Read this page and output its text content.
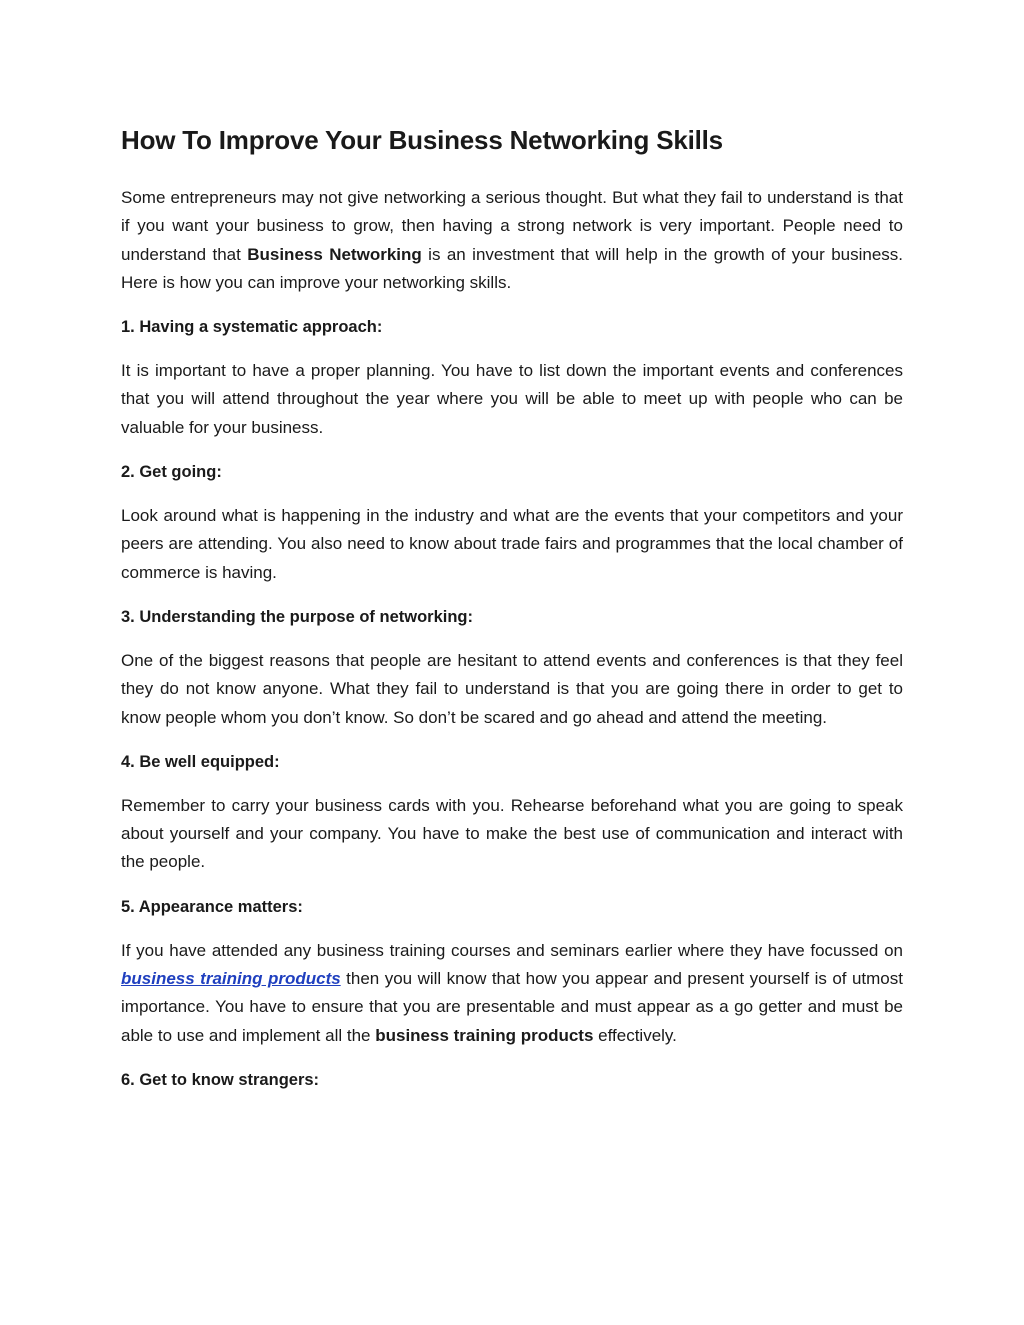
How To Improve Your Business Networking Skills

Some entrepreneurs may not give networking a serious thought. But what they fail to understand is that if you want your business to grow, then having a strong network is very important. People need to understand that Business Networking is an investment that will help in the growth of your business. Here is how you can improve your networking skills.

1. Having a systematic approach:

It is important to have a proper planning. You have to list down the important events and conferences that you will attend throughout the year where you will be able to meet up with people who can be valuable for your business.

2. Get going:

Look around what is happening in the industry and what are the events that your competitors and your peers are attending. You also need to know about trade fairs and programmes that the local chamber of commerce is having.

3. Understanding the purpose of networking:

One of the biggest reasons that people are hesitant to attend events and conferences is that they feel they do not know anyone. What they fail to understand is that you are going there in order to get to know people whom you don’t know. So don’t be scared and go ahead and attend the meeting.

4. Be well equipped:

Remember to carry your business cards with you. Rehearse beforehand what you are going to speak about yourself and your company. You have to make the best use of communication and interact with the people.

5. Appearance matters:

If you have attended any business training courses and seminars earlier where they have focussed on business training products then you will know that how you appear and present yourself is of utmost importance. You have to ensure that you are presentable and must appear as a go getter and must be able to use and implement all the business training products effectively.

6. Get to know strangers:
